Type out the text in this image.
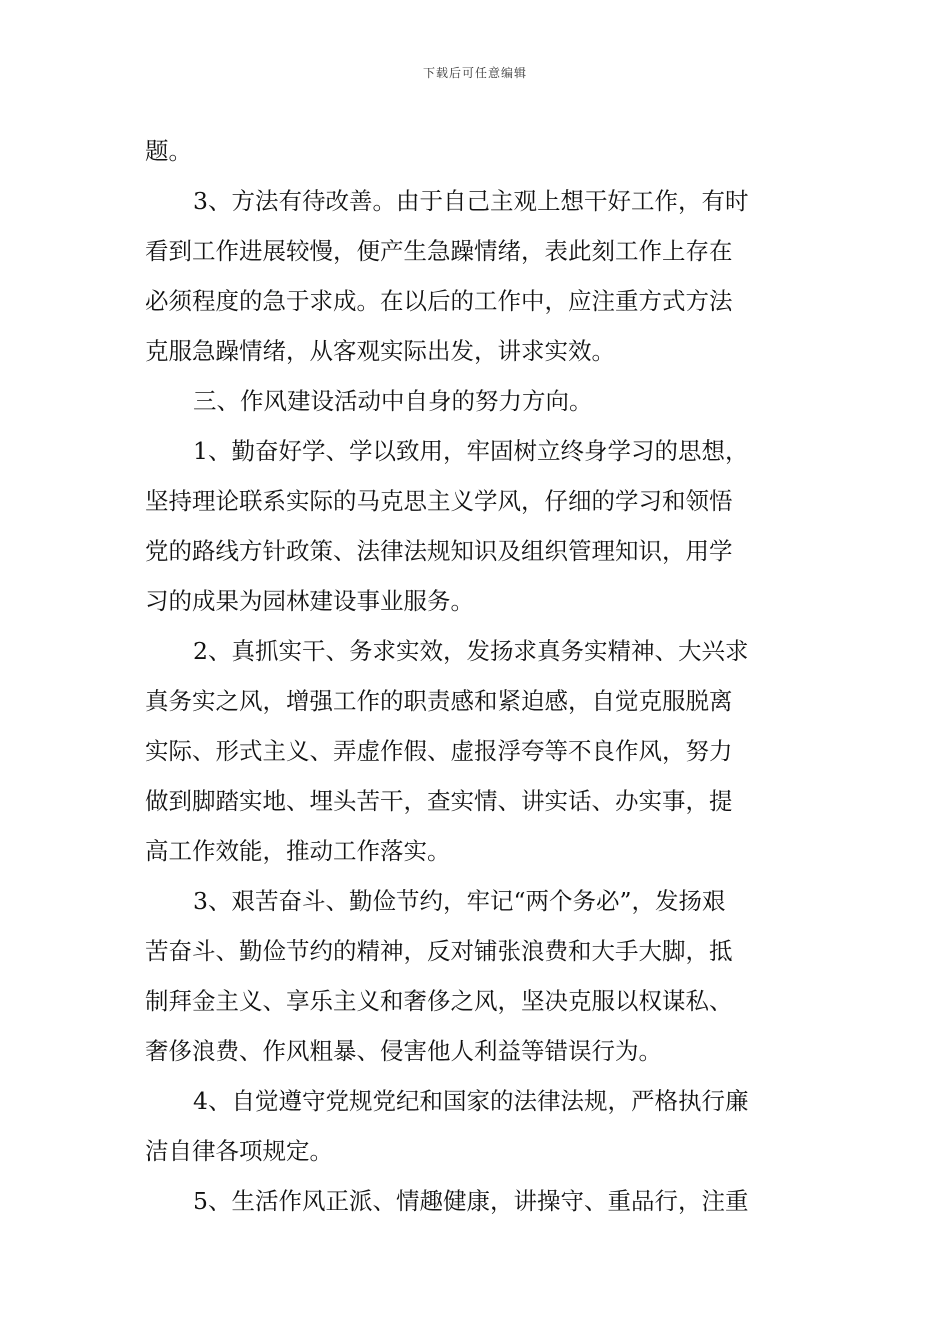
下载后可任意编辑
题。
3、方法有待改善。由于自己主观上想干好工作，有时
看到工作进展较慢，便产生急躁情绪，表此刻工作上存在
必须程度的急于求成。在以后的工作中，应注重方式方法
克服急躁情绪，从客观实际出发，讲求实效。
三、作风建设活动中自身的努力方向。
1、勤奋好学、学以致用，牢固树立终身学习的思想，
坚持理论联系实际的马克思主义学风，仔细的学习和领悟
党的路线方针政策、法律法规知识及组织管理知识，用学
习的成果为园林建设事业服务。
2、真抓实干、务求实效，发扬求真务实精神、大兴求
真务实之风，增强工作的职责感和紧迫感，自觉克服脱离
实际、形式主义、弄虚作假、虚报浮夸等不良作风，努力
做到脚踏实地、埋头苦干，查实情、讲实话、办实事，提
高工作效能，推动工作落实。
3、艰苦奋斗、勤俭节约，牢记“两个务必”，发扬艰
苦奋斗、勤俭节约的精神，反对铺张浪费和大手大脚，抵
制拜金主义、享乐主义和奢侈之风，坚决克服以权谋私、
奢侈浪费、作风粗暴、侵害他人利益等错误行为。
4、自觉遵守党规党纪和国家的法律法规，严格执行廉
洁自律各项规定。
5、生活作风正派、情趣健康，讲操守、重品行，注重
